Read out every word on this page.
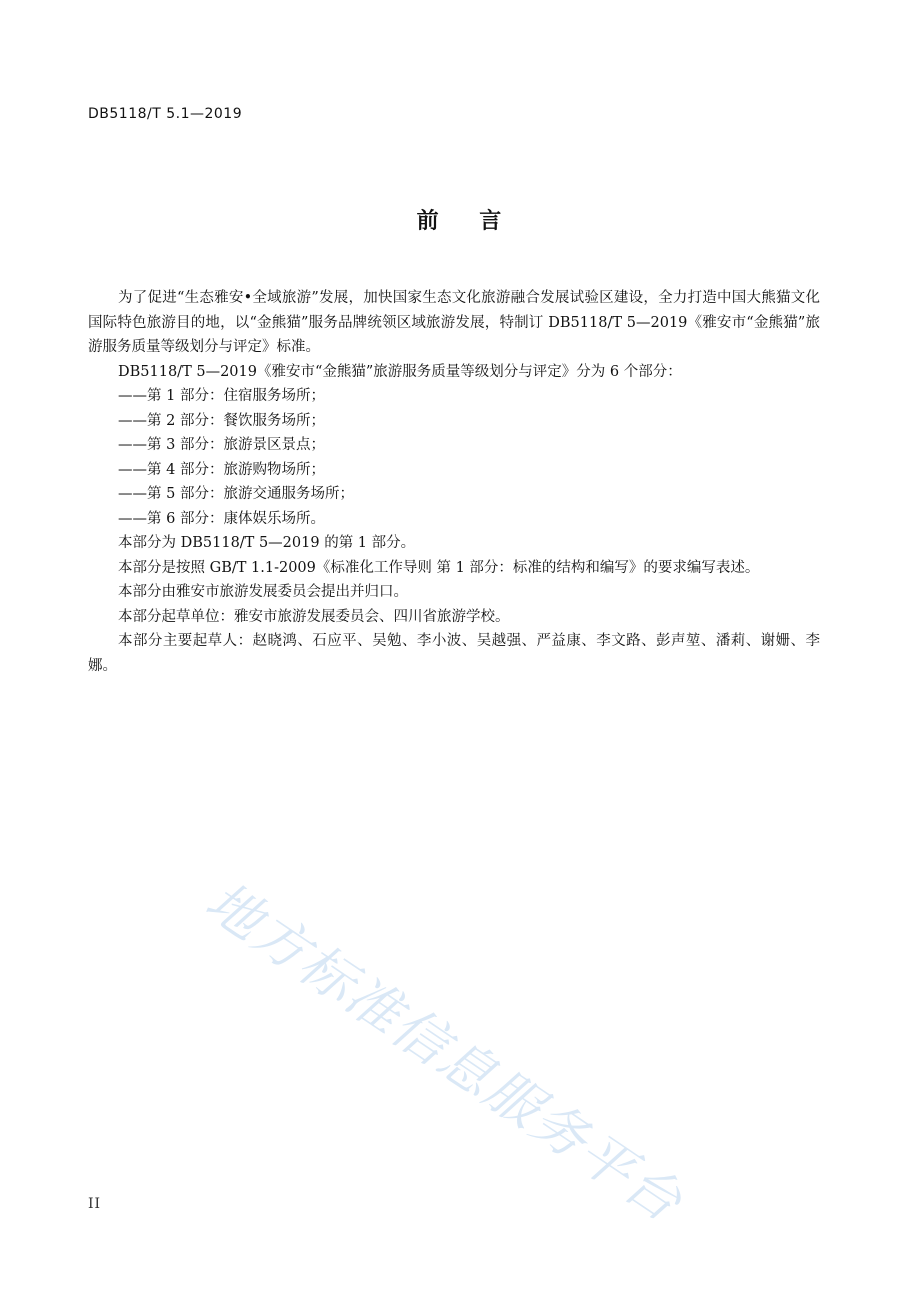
DB5118/T 5.1—2019
前    言

为了促进“生态雅安•全域旅游”发展，加快国家生态文化旅游融合发展试验区建设，全力打造中国大熊猫文化国际特色旅游目的地，以“金熊猫”服务品牌统领区域旅游发展，特制订 DB5118/T 5—2019《雅安市“金熊猫”旅游服务质量等级划分与评定》标准。

DB5118/T 5—2019《雅安市“金熊猫”旅游服务质量等级划分与评定》分为 6 个部分：

——第 1 部分：住宿服务场所；

——第 2 部分：餐饮服务场所；

——第 3 部分：旅游景区景点；

——第 4 部分：旅游购物场所；

——第 5 部分：旅游交通服务场所；

——第 6 部分：康体娱乐场所。

本部分为 DB5118/T 5—2019 的第 1 部分。

本部分是按照 GB/T 1.1-2009《标准化工作导则 第 1 部分：标准的结构和编写》的要求编写表述。

本部分由雅安市旅游发展委员会提出并归口。

本部分起草单位：雅安市旅游发展委员会、四川省旅游学校。

本部分主要起草人：赵晓鸿、石应平、吴勉、李小波、吴越强、严益康、李文路、彭声堃、潘莉、谢姗、李娜。

地方标准信息服务平台
II
